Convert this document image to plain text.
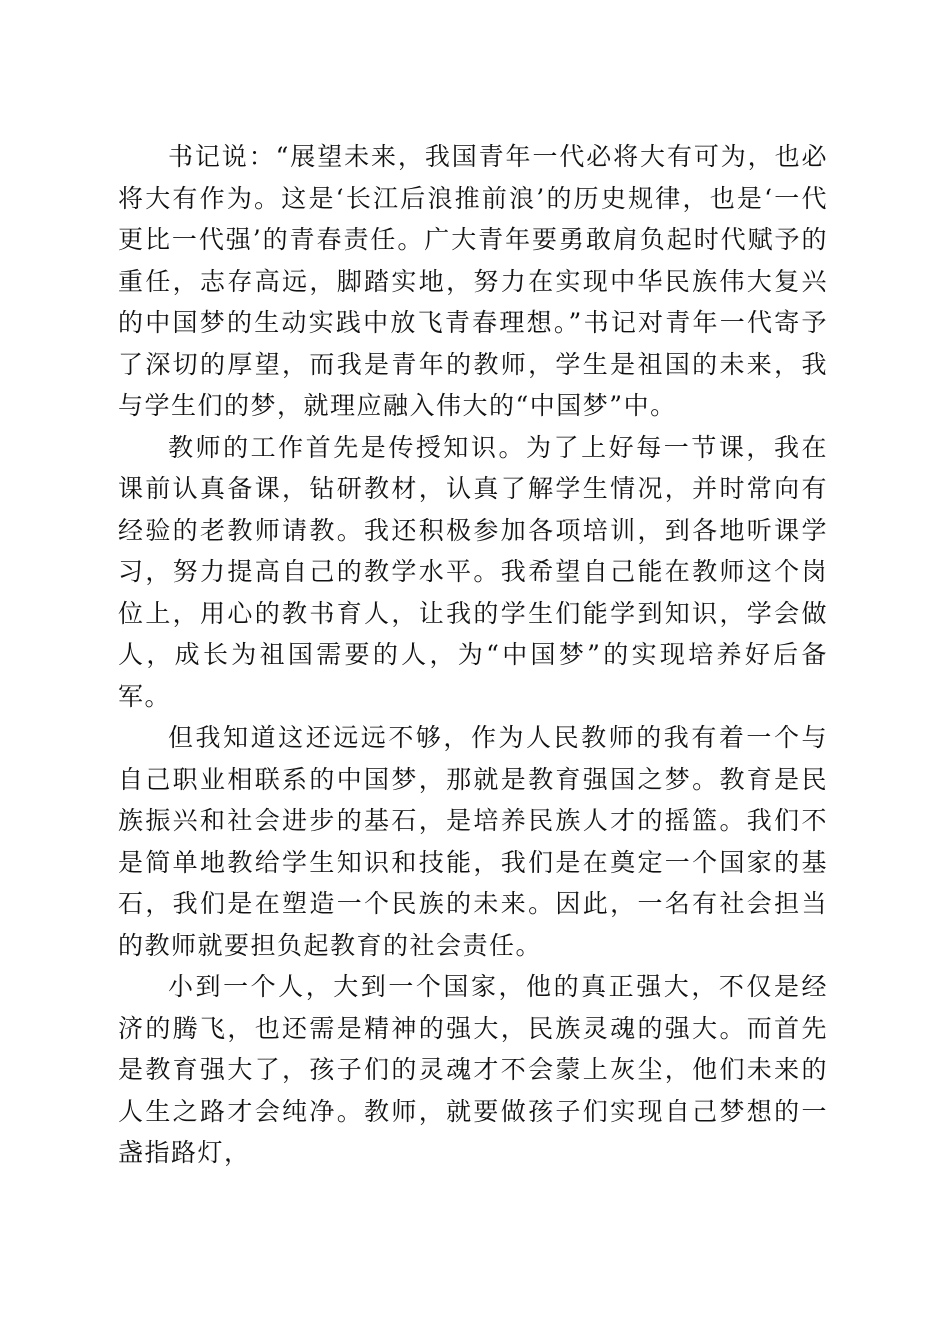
书记说：“展望未来，我国青年一代必将大有可为，也必将大有作为。这是‘长江后浪推前浪’的历史规律，也是‘一代更比一代强’的青春责任。广大青年要勇敢肩负起时代赋予的重任，志存高远，脚踏实地，努力在实现中华民族伟大复兴的中国梦的生动实践中放飞青春理想。”书记对青年一代寄予了深切的厚望，而我是青年的教师，学生是祖国的未来，我与学生们的梦，就理应融入伟大的“中国梦”中。

教师的工作首先是传授知识。为了上好每一节课，我在课前认真备课，钻研教材，认真了解学生情况，并时常向有经验的老教师请教。我还积极参加各项培训，到各地听课学习，努力提高自己的教学水平。我希望自己能在教师这个岗位上，用心的教书育人，让我的学生们能学到知识，学会做人，成长为祖国需要的人，为“中国梦”的实现培养好后备军。

但我知道这还远远不够，作为人民教师的我有着一个与自己职业相联系的中国梦，那就是教育强国之梦。教育是民族振兴和社会进步的基石，是培养民族人才的摇篮。我们不是简单地教给学生知识和技能，我们是在奠定一个国家的基石，我们是在塑造一个民族的未来。因此，一名有社会担当的教师就要担负起教育的社会责任。

小到一个人，大到一个国家，他的真正强大，不仅是经济的腾飞，也还需是精神的强大，民族灵魂的强大。而首先是教育强大了，孩子们的灵魂才不会蒙上灰尘，他们未来的人生之路才会纯净。教师，就要做孩子们实现自己梦想的一盏指路灯，
